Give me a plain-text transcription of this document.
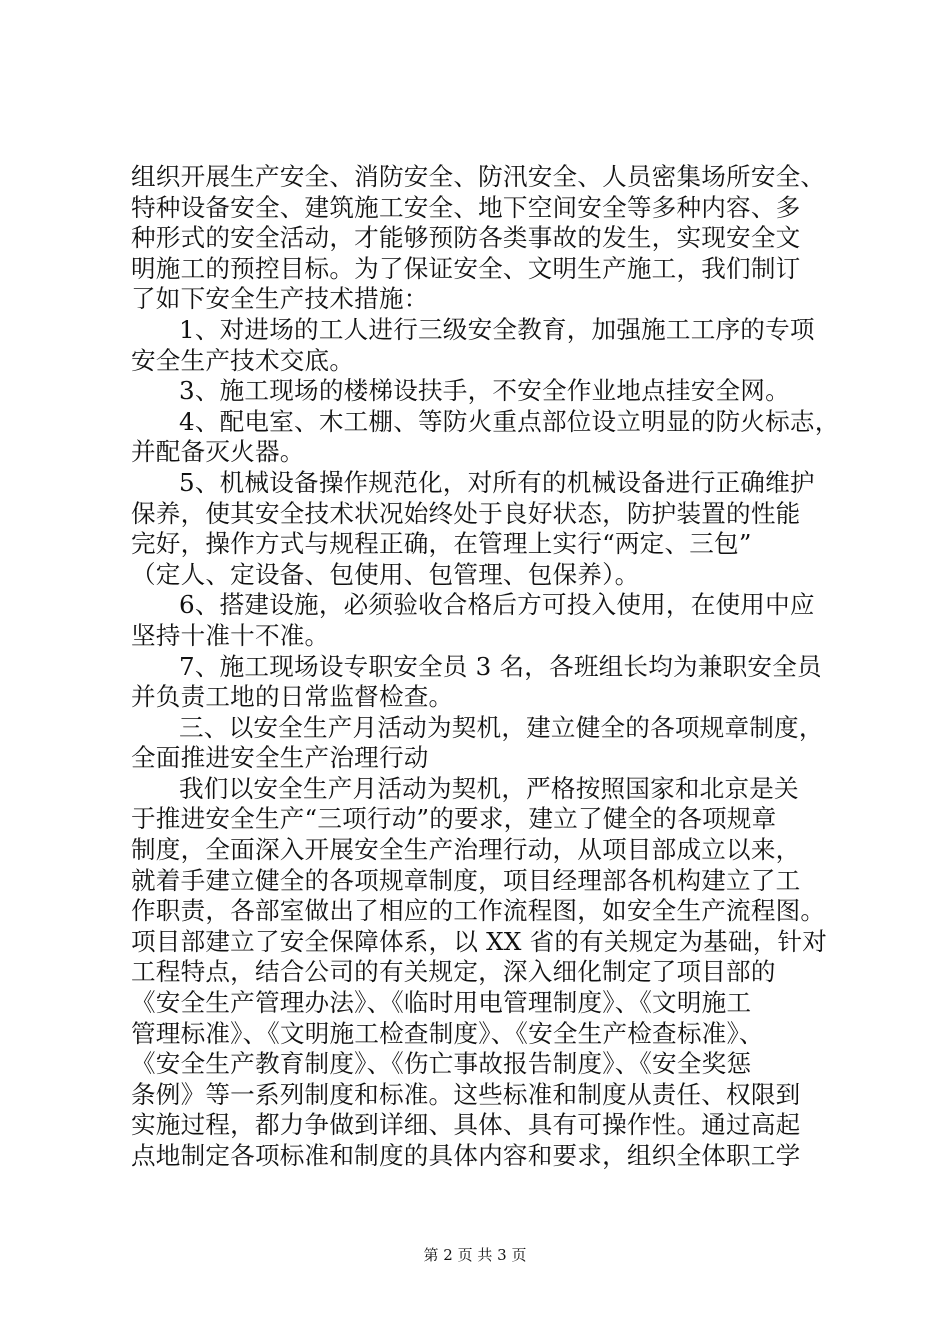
组织开展生产安全、消防安全、防汛安全、人员密集场所安全、
特种设备安全、建筑施工安全、地下空间安全等多种内容、多
种形式的安全活动，才能够预防各类事故的发生，实现安全文
明施工的预控目标。为了保证安全、文明生产施工，我们制订
了如下安全生产技术措施：
1、对进场的工人进行三级安全教育，加强施工工序的专项
安全生产技术交底。
3、施工现场的楼梯设扶手，不安全作业地点挂安全网。
4、配电室、木工棚、等防火重点部位设立明显的防火标志，
并配备灭火器。
5、机械设备操作规范化，对所有的机械设备进行正确维护
保养，使其安全技术状况始终处于良好状态，防护装置的性能
完好，操作方式与规程正确，在管理上实行“两定、三包”
（定人、定设备、包使用、包管理、包保养）。
6、搭建设施，必须验收合格后方可投入使用，在使用中应
坚持十准十不准。
7、施工现场设专职安全员 3 名，各班组长均为兼职安全员
并负责工地的日常监督检查。
三、以安全生产月活动为契机，建立健全的各项规章制度，
全面推进安全生产治理行动
我们以安全生产月活动为契机，严格按照国家和北京是关
于推进安全生产“三项行动”的要求，建立了健全的各项规章
制度，全面深入开展安全生产治理行动，从项目部成立以来，
就着手建立健全的各项规章制度，项目经理部各机构建立了工
作职责，各部室做出了相应的工作流程图，如安全生产流程图。
项目部建立了安全保障体系，以 XX 省的有关规定为基础，针对
工程特点，结合公司的有关规定，深入细化制定了项目部的
《安全生产管理办法》、《临时用电管理制度》、《文明施工
管理标准》、《文明施工检查制度》、《安全生产检查标准》、
《安全生产教育制度》、《伤亡事故报告制度》、《安全奖惩
条例》等一系列制度和标准。这些标准和制度从责任、权限到
实施过程，都力争做到详细、具体、具有可操作性。通过高起
点地制定各项标准和制度的具体内容和要求，组织全体职工学
第 2 页 共 3 页
